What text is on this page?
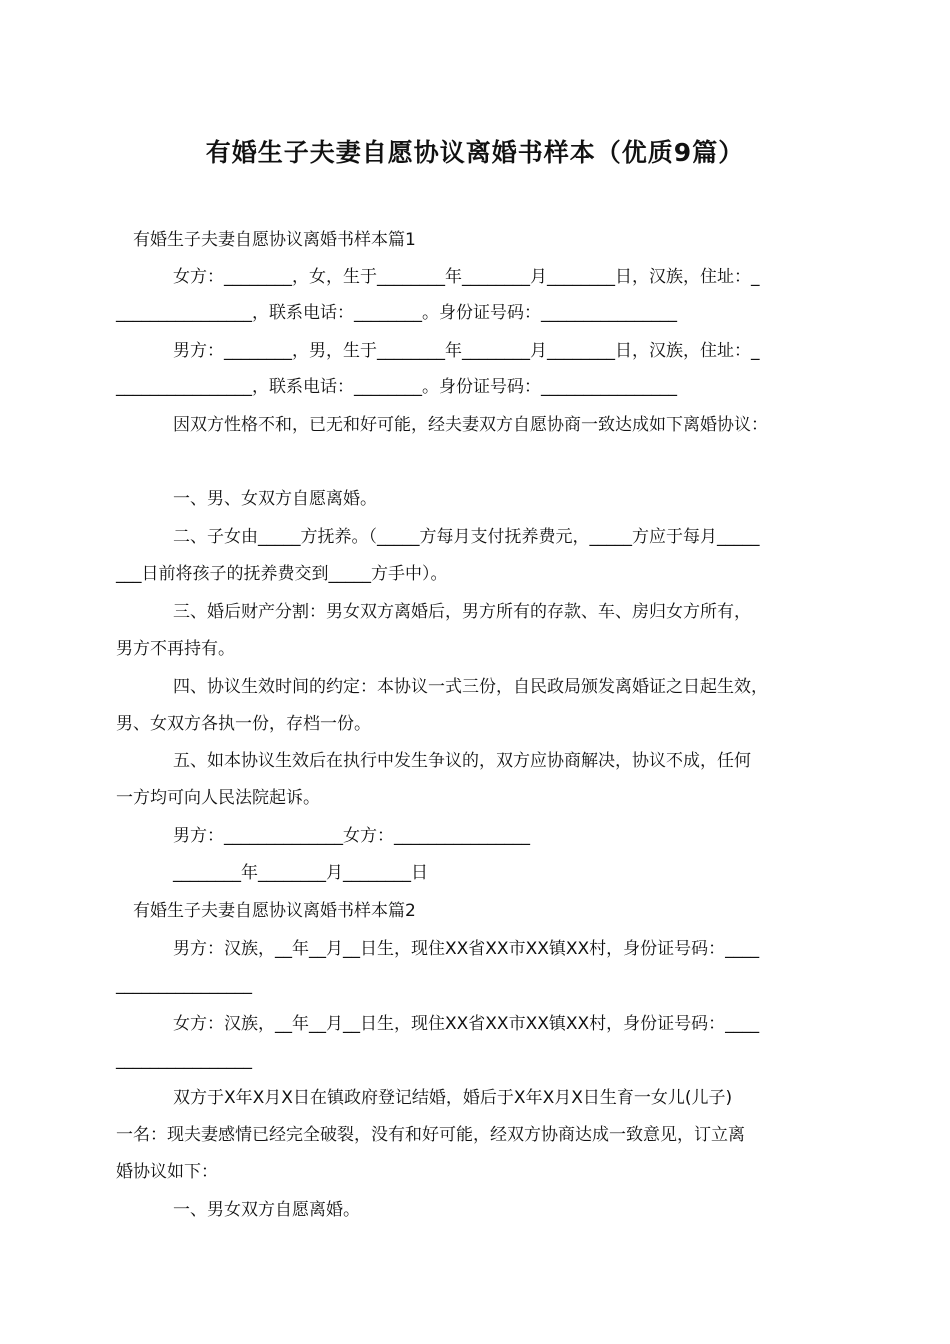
有婚生子夫妻自愿协议离婚书样本（优质9篇）
有婚生子夫妻自愿协议离婚书样本篇1
女方：________，女，生于________年________月________日，汉族，住址：_
________________，联系电话：________。身份证号码：________________
男方：________，男，生于________年________月________日，汉族，住址：_
________________，联系电话：________。身份证号码：________________
因双方性格不和，已无和好可能，经夫妻双方自愿协商一致达成如下离婚协议：
一、男、女双方自愿离婚。
二、子女由_____方抚养。（_____方每月支付抚养费元，_____方应于每月_____
___日前将孩子的抚养费交到_____方手中）。
三、婚后财产分割：男女双方离婚后，男方所有的存款、车、房归女方所有，
男方不再持有。
四、协议生效时间的约定：本协议一式三份，自民政局颁发离婚证之日起生效，
男、女双方各执一份，存档一份。
五、如本协议生效后在执行中发生争议的，双方应协商解决，协议不成，任何
一方均可向人民法院起诉。
男方：______________女方：________________
________年________月________日
有婚生子夫妻自愿协议离婚书样本篇2
男方：汉族，__年__月__日生，现住XX省XX市XX镇XX村，身份证号码：____
________________
女方：汉族，__年__月__日生，现住XX省XX市XX镇XX村，身份证号码：____
________________
双方于X年X月X日在镇政府登记结婚，婚后于X年X月X日生育一女儿(儿子)
一名：现夫妻感情已经完全破裂，没有和好可能，经双方协商达成一致意见，订立离
婚协议如下：
一、男女双方自愿离婚。
